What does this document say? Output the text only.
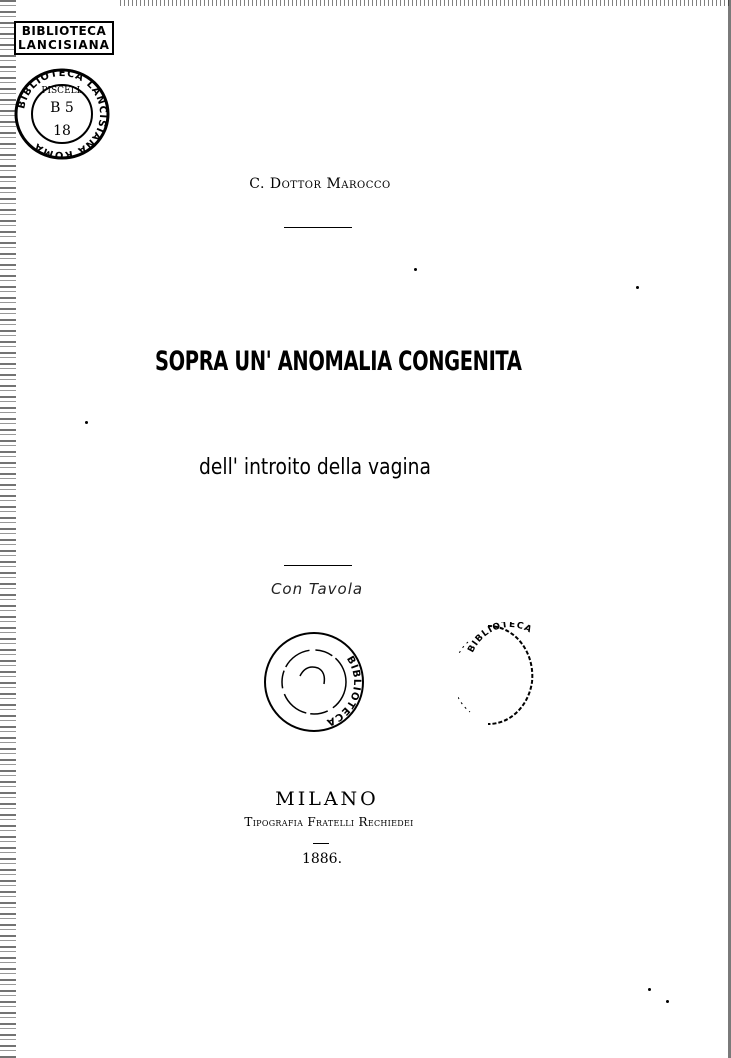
BIBLIOTECA
LANCISIANA
BIBLIOTECA LANCISIANA ROMA
PISCELL
B 5
18
C. Dottor Marocco
SOPRA UN' ANOMALIA CONGENITA
dell' introito della vagina
Con Tavola
BIBLIOTECA
BIBLIOTECA
MILANO
Tipografia Fratelli Rechiedei
1886.
